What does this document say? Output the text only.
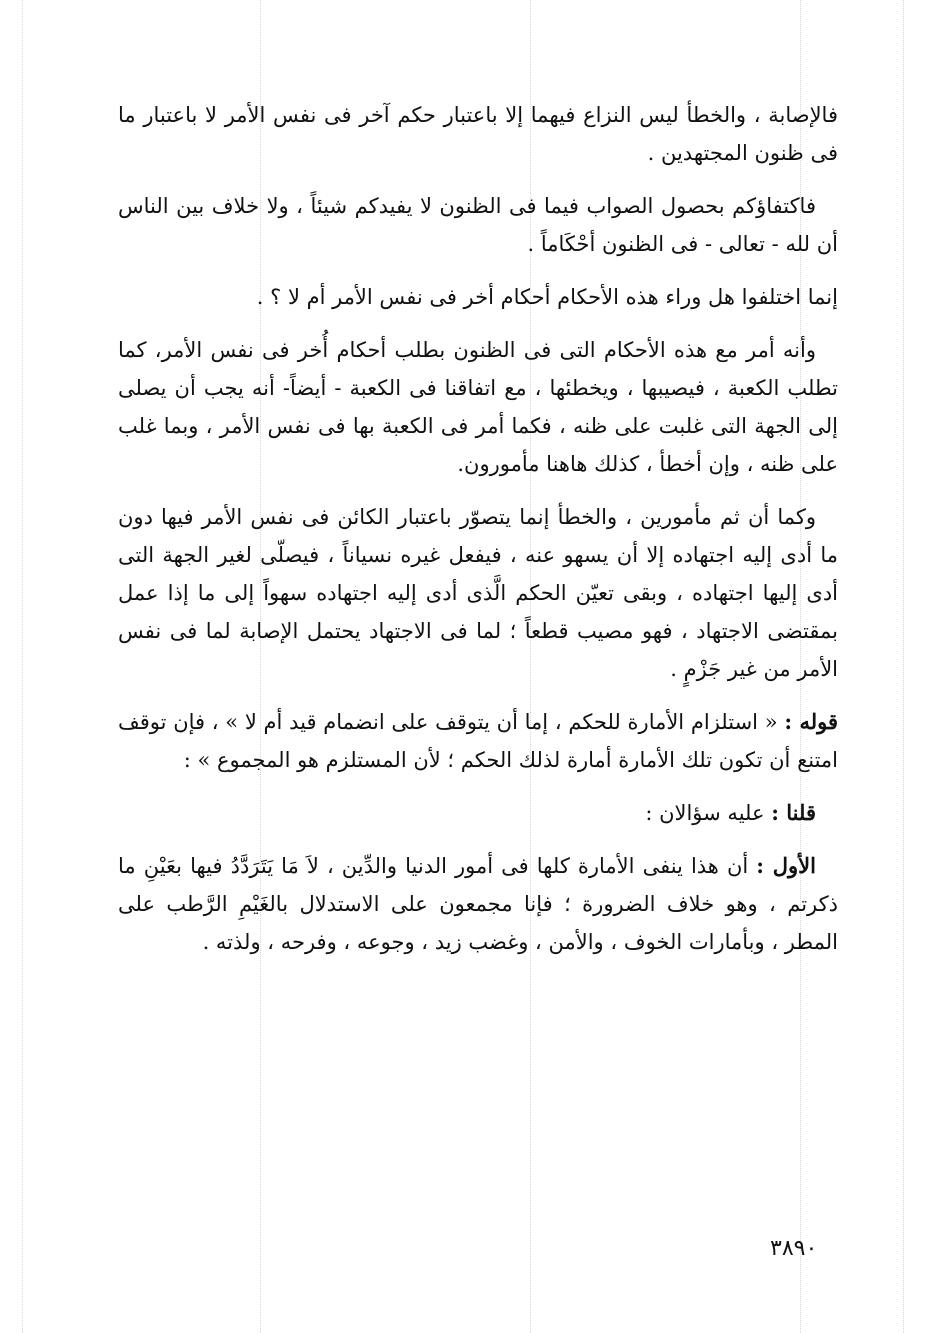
فالإصابة ، والخطأ ليس النزاع فيهما إلا باعتبار حكم آخر فى نفس الأمر لا باعتبار ما فى ظنون المجتهدين .

فاكتفاؤكم بحصول الصواب فيما فى الظنون لا يفيدكم شيئاً ، ولا خلاف بين الناس أن لله - تعالى - فى الظنون أحْكَاماً .

إنما اختلفوا هل وراء هذه الأحكام أحكام أخر فى نفس الأمر أم لا ؟ .

وأنه أمر مع هذه الأحكام التى فى الظنون بطلب أحكام أُخر فى نفس الأمر، كما تطلب الكعبة ، فيصيبها ، ويخطئها ، مع اتفاقنا فى الكعبة - أيضاً- أنه يجب أن يصلى إلى الجهة التى غلبت على ظنه ، فكما أمر فى الكعبة بها فى نفس الأمر ، وبما غلب على ظنه ، وإن أخطأ ، كذلك هاهنا مأمورون.

وكما أن ثم مأمورين ، والخطأ إنما يتصوّر باعتبار الكائن فى نفس الأمر فيها دون ما أدى إليه اجتهاده إلا أن يسهو عنه ، فيفعل غيره نسياناً ، فيصلّى لغير الجهة التى أدى إليها اجتهاده ، وبقى تعيّن الحكم الَّذى أدى إليه اجتهاده سهواً إلى ما إذا عمل بمقتضى الاجتهاد ، فهو مصيب قطعاً ؛ لما فى الاجتهاد يحتمل الإصابة لما فى نفس الأمر من غير جَزْمٍ .

قوله : « استلزام الأمارة للحكم ، إما أن يتوقف على انضمام قيد أم لا » ، فإن توقف امتنع أن تكون تلك الأمارة أمارة لذلك الحكم ؛ لأن المستلزم هو المجموع » :

قلنا : عليه سؤالان :

الأول : أن هذا ينفى الأمارة كلها فى أمور الدنيا والدِّين ، لاَ مَا يَتَرَدَّدُ فيها بعَيْنِ ما ذكرتم ، وهو خلاف الضرورة ؛ فإنا مجمعون على الاستدلال بالغَيْمِ الرَّطب على المطر ، وبأمارات الخوف ، والأمن ، وغضب زيد ، وجوعه ، وفرحه ، ولذته .

٣٨٩٠
